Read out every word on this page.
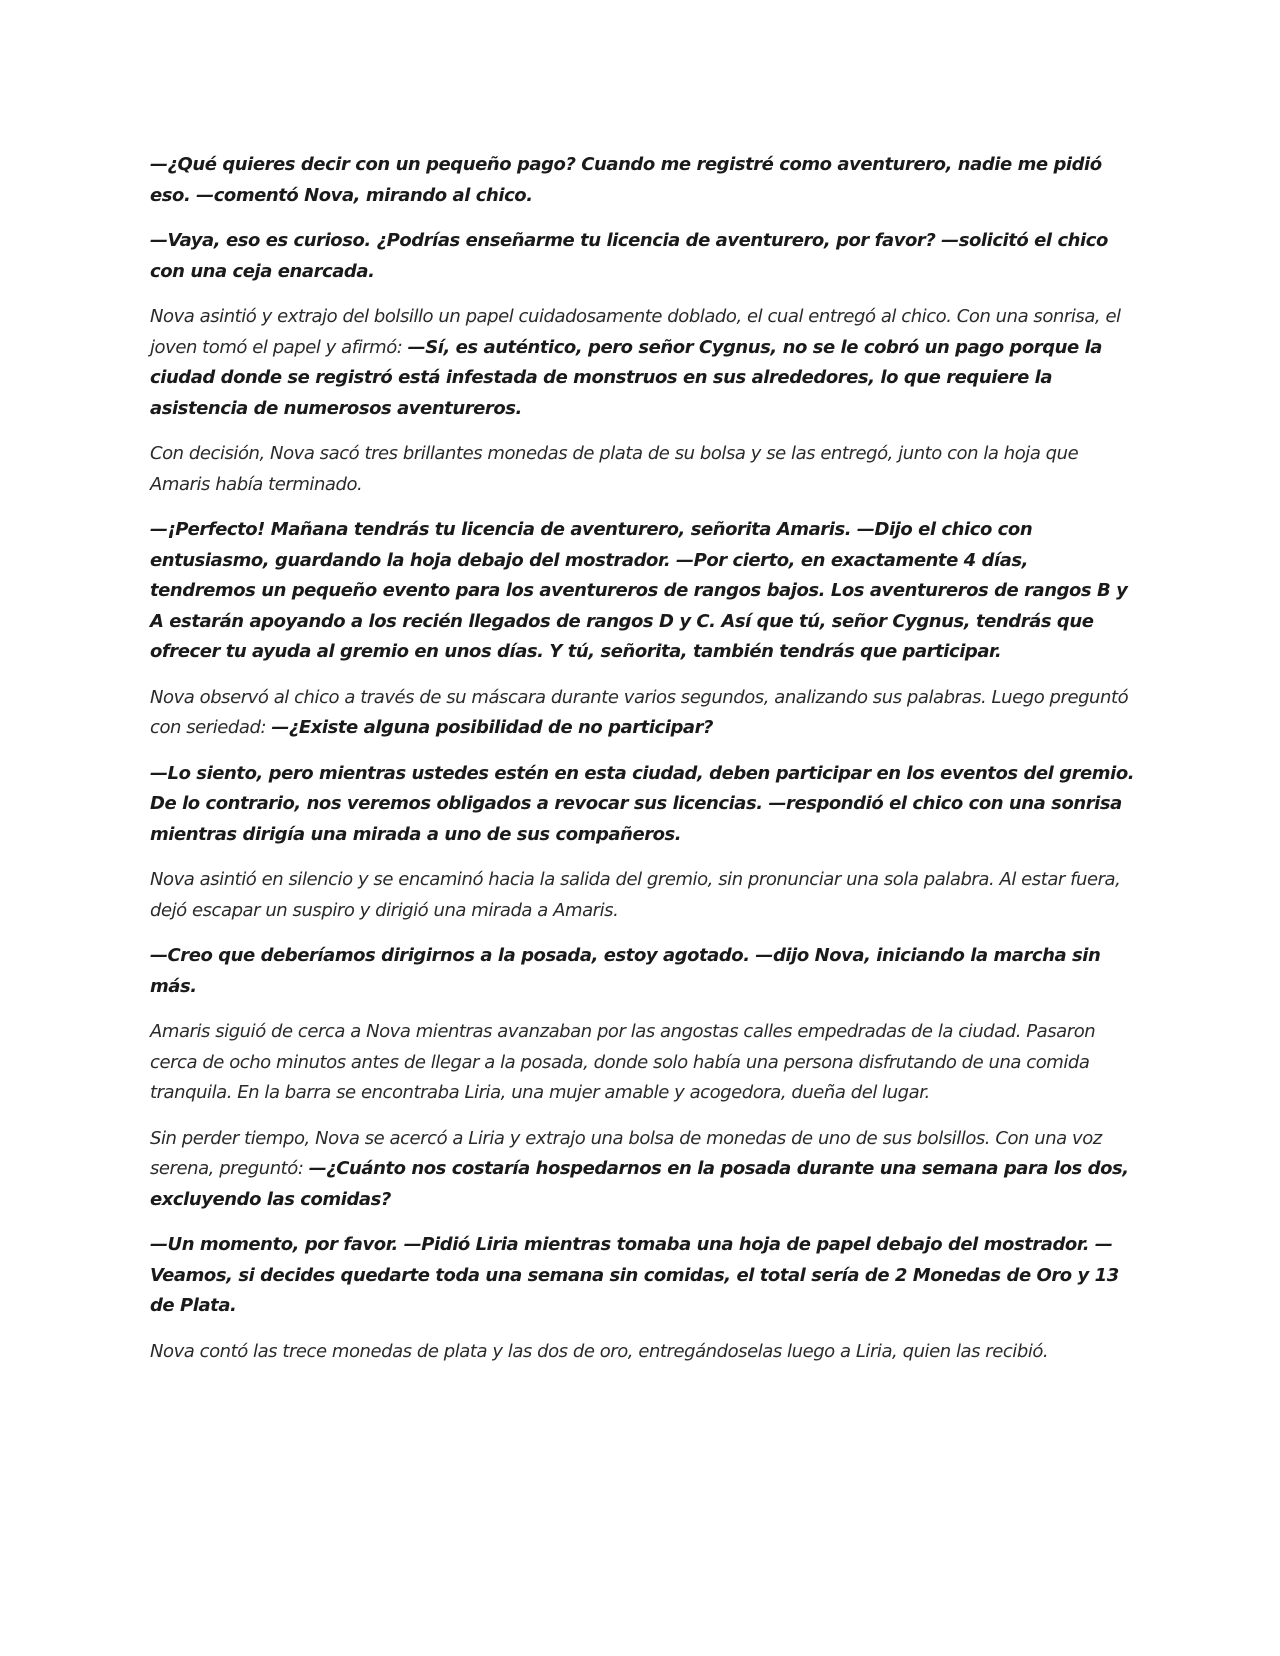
—¿Qué quieres decir con un pequeño pago? Cuando me registré como aventurero, nadie me pidió eso. —comentó Nova, mirando al chico.

—Vaya, eso es curioso. ¿Podrías enseñarme tu licencia de aventurero, por favor? —solicitó el chico con una ceja enarcada.

Nova asintió y extrajo del bolsillo un papel cuidadosamente doblado, el cual entregó al chico. Con una sonrisa, el joven tomó el papel y afirmó: —Sí, es auténtico, pero señor Cygnus, no se le cobró un pago porque la ciudad donde se registró está infestada de monstruos en sus alrededores, lo que requiere la asistencia de numerosos aventureros.

Con decisión, Nova sacó tres brillantes monedas de plata de su bolsa y se las entregó, junto con la hoja que Amaris había terminado.

—¡Perfecto! Mañana tendrás tu licencia de aventurero, señorita Amaris. —Dijo el chico con entusiasmo, guardando la hoja debajo del mostrador. —Por cierto, en exactamente 4 días, tendremos un pequeño evento para los aventureros de rangos bajos. Los aventureros de rangos B y A estarán apoyando a los recién llegados de rangos D y C. Así que tú, señor Cygnus, tendrás que ofrecer tu ayuda al gremio en unos días. Y tú, señorita, también tendrás que participar.

Nova observó al chico a través de su máscara durante varios segundos, analizando sus palabras. Luego preguntó con seriedad: —¿Existe alguna posibilidad de no participar?

—Lo siento, pero mientras ustedes estén en esta ciudad, deben participar en los eventos del gremio. De lo contrario, nos veremos obligados a revocar sus licencias. —respondió el chico con una sonrisa mientras dirigía una mirada a uno de sus compañeros.

Nova asintió en silencio y se encaminó hacia la salida del gremio, sin pronunciar una sola palabra. Al estar fuera, dejó escapar un suspiro y dirigió una mirada a Amaris.

—Creo que deberíamos dirigirnos a la posada, estoy agotado. —dijo Nova, iniciando la marcha sin más.

Amaris siguió de cerca a Nova mientras avanzaban por las angostas calles empedradas de la ciudad. Pasaron cerca de ocho minutos antes de llegar a la posada, donde solo había una persona disfrutando de una comida tranquila. En la barra se encontraba Liria, una mujer amable y acogedora, dueña del lugar.

Sin perder tiempo, Nova se acercó a Liria y extrajo una bolsa de monedas de uno de sus bolsillos. Con una voz serena, preguntó: —¿Cuánto nos costaría hospedarnos en la posada durante una semana para los dos, excluyendo las comidas?

—Un momento, por favor. —Pidió Liria mientras tomaba una hoja de papel debajo del mostrador. —Veamos, si decides quedarte toda una semana sin comidas, el total sería de 2 Monedas de Oro y 13 de Plata.

Nova contó las trece monedas de plata y las dos de oro, entregándoselas luego a Liria, quien las recibió.
